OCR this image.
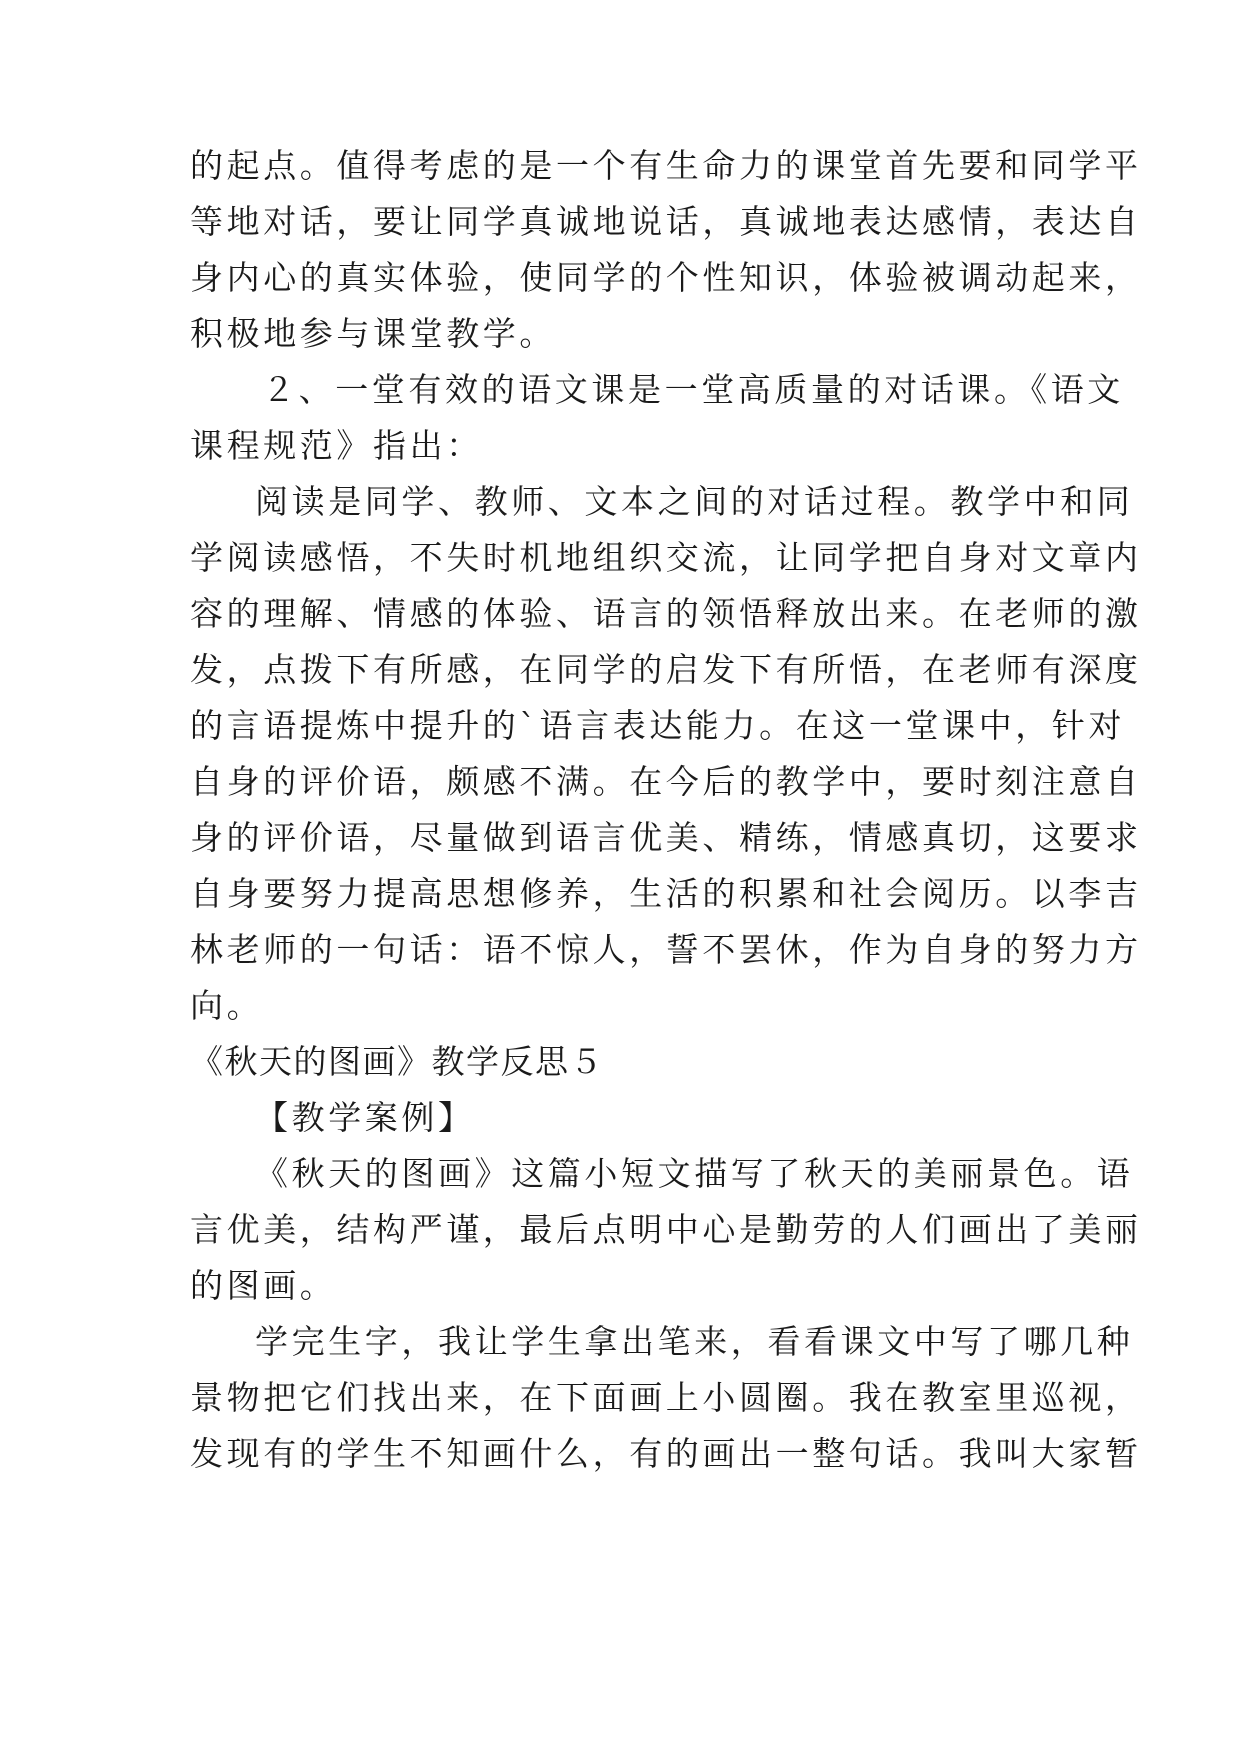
的起点。值得考虑的是一个有生命力的课堂首先要和同学平
等地对话，要让同学真诚地说话，真诚地表达感情，表达自
身内心的真实体验，使同学的个性知识，体验被调动起来，
积极地参与课堂教学。
２、一堂有效的语文课是一堂高质量的对话课。《语文
课程规范》指出：
阅读是同学、教师、文本之间的对话过程。教学中和同
学阅读感悟，不失时机地组织交流，让同学把自身对文章内
容的理解、情感的体验、语言的领悟释放出来。在老师的激
发，点拨下有所感，在同学的启发下有所悟，在老师有深度
的言语提炼中提升的`语言表达能力。在这一堂课中，针对
自身的评价语，颇感不满。在今后的教学中，要时刻注意自
身的评价语，尽量做到语言优美、精练，情感真切，这要求
自身要努力提高思想修养，生活的积累和社会阅历。以李吉
林老师的一句话：语不惊人，誓不罢休，作为自身的努力方
向。
《秋天的图画》教学反思５
【教学案例】
《秋天的图画》这篇小短文描写了秋天的美丽景色。语
言优美，结构严谨，最后点明中心是勤劳的人们画出了美丽
的图画。
学完生字，我让学生拿出笔来，看看课文中写了哪几种
景物把它们找出来，在下面画上小圆圈。我在教室里巡视，
发现有的学生不知画什么，有的画出一整句话。我叫大家暂
